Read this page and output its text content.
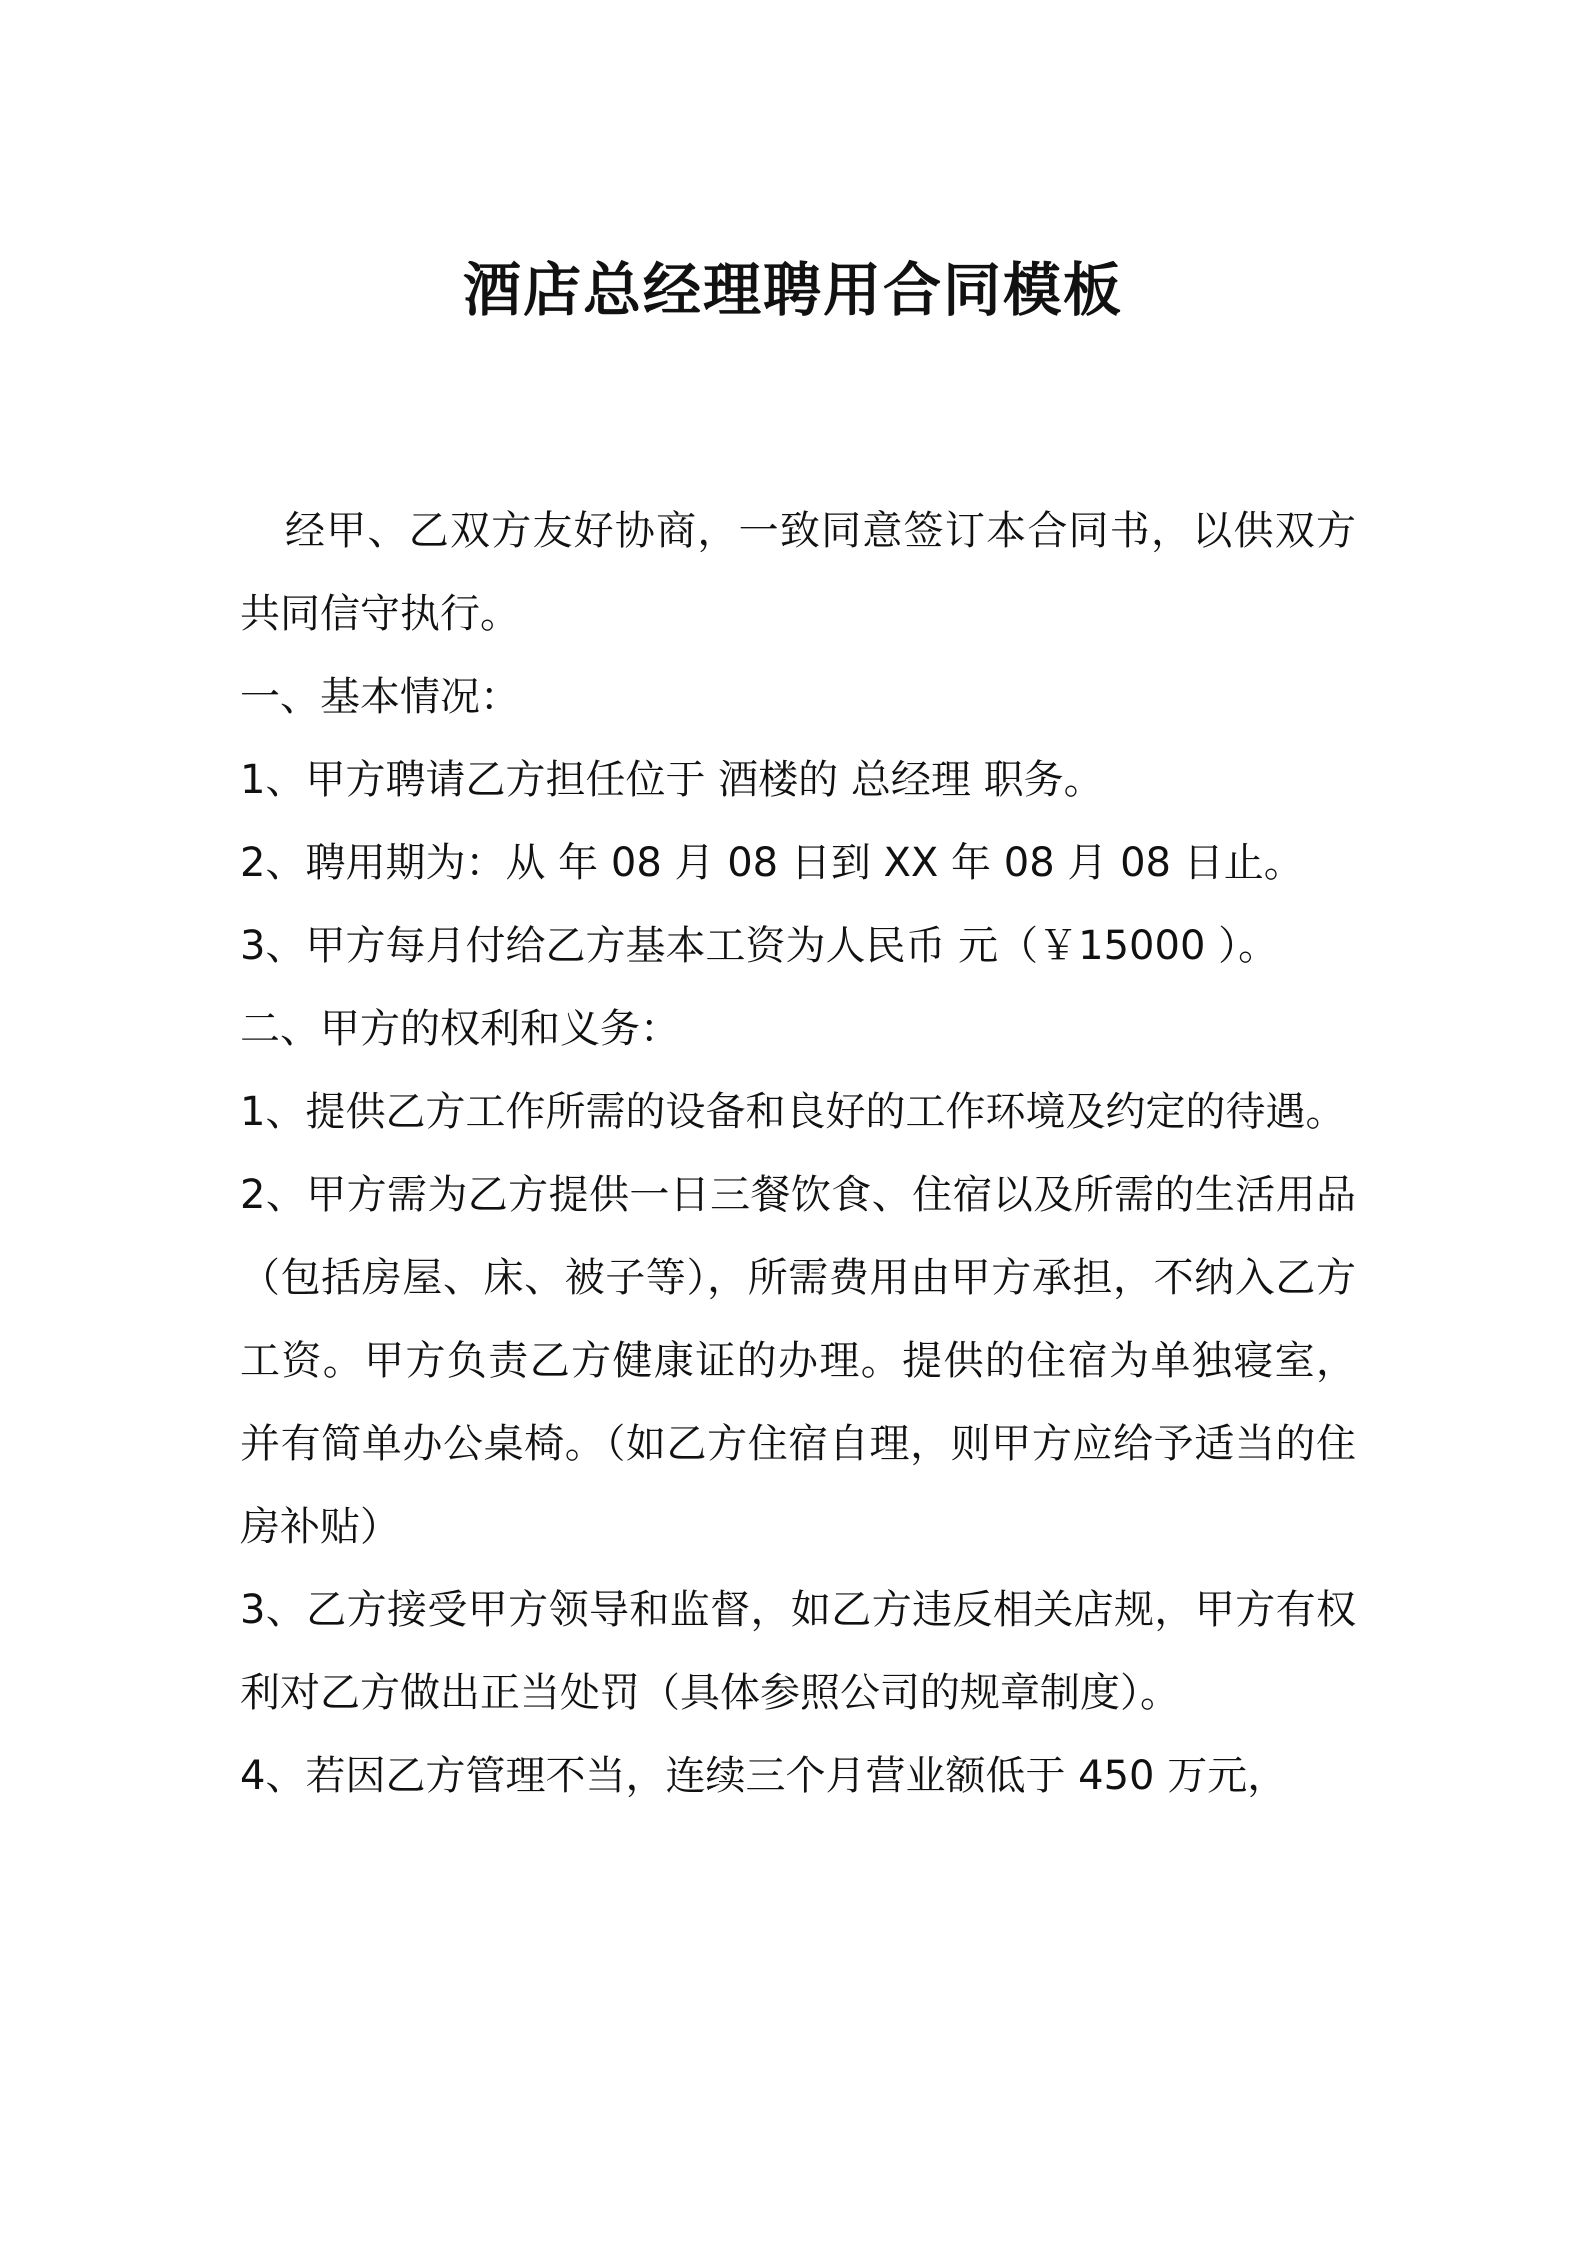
酒店总经理聘用合同模板

经甲、乙双方友好协商，一致同意签订本合同书，以供双方共同信守执行。

一、基本情况：

1、甲方聘请乙方担任位于 酒楼的 总经理 职务。

2、聘用期为：从 年 08 月 08 日到 XX 年 08 月 08 日止。

3、甲方每月付给乙方基本工资为人民币 元（￥15000 ）。

二、甲方的权利和义务：

1、提供乙方工作所需的设备和良好的工作环境及约定的待遇。

2、甲方需为乙方提供一日三餐饮食、住宿以及所需的生活用品（包括房屋、床、被子等），所需费用由甲方承担，不纳入乙方工资。甲方负责乙方健康证的办理。提供的住宿为单独寝室，并有简单办公桌椅。（如乙方住宿自理，则甲方应给予适当的住房补贴）

3、乙方接受甲方领导和监督，如乙方违反相关店规，甲方有权利对乙方做出正当处罚（具体参照公司的规章制度）。

4、若因乙方管理不当，连续三个月营业额低于 450 万元，
